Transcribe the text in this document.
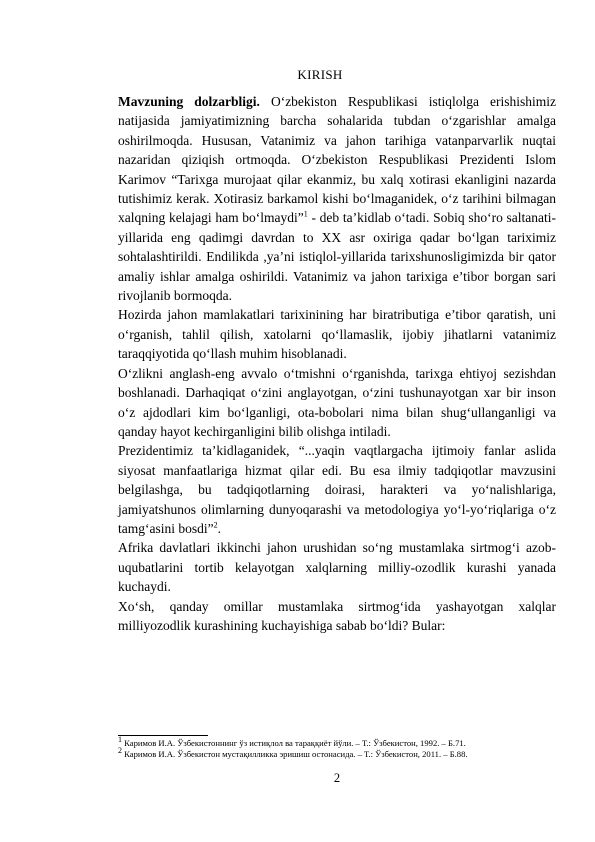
KIRISH

Mavzuning dolzarbligi. O‘zbekiston Respublikasi istiqlolga erishishimiz natijasida jamiyatimizning barcha sohalarida tubdan o‘zgarishlar amalga oshirilmoqda. Hususan, Vatanimiz va jahon tarihiga vatanparvarlik nuqtai nazaridan qiziqish ortmoqda. O‘zbekiston Respublikasi Prezidenti Islom Karimov “Tarixga murojaat qilar ekanmiz, bu xalq xotirasi ekanligini nazarda tutishimiz kerak. Xotirasiz barkamol kishi bo‘lmaganidek, o‘z tarihini bilmagan xalqning kelajagi ham bo‘lmaydi”$^1$ - deb ta’kidlab o‘tadi. Sobiq sho‘ro saltanati-yillarida eng qadimgi davrdan to XX asr oxiriga qadar bo‘lgan tariximiz sohtalashtirildi. Endilikda ,ya’ni istiqlol-yillarida tarixshunosligimizda bir qator amaliy ishlar amalga oshirildi. Vatanimiz va jahon tarixiga e’tibor borgan sari rivojlanib bormoqda.

Hozirda jahon mamlakatlari tarixinining har biratributiga e’tibor qaratish, uni o‘rganish, tahlil qilish, xatolarni qo‘llamaslik, ijobiy jihatlarni vatanimiz taraqqiyotida qo‘llash muhim hisoblanadi.

O‘zlikni anglash-eng avvalo o‘tmishni o‘rganishda, tarixga ehtiyoj sezishdan boshlanadi. Darhaqiqat o‘zini anglayotgan, o‘zini tushunayotgan xar bir inson o‘z ajdodlari kim bo‘lganligi, ota-bobolari nima bilan shug‘ullanganligi va qanday hayot kechirganligini bilib olishga intiladi.

Prezidentimiz ta’kidlaganidek, “...yaqin vaqtlargacha ijtimoiy fanlar aslida siyosat manfaatlariga hizmat qilar edi. Bu esa ilmiy tadqiqotlar mavzusini belgilashga, bu tadqiqotlarning doirasi, harakteri va yo‘nalishlariga, jamiyatshunos olimlarning dunyoqarashi va metodologiya yo‘l-yo‘riqlariga o‘z tamg‘asini bosdi”$^2$.

Afrika davlatlari ikkinchi jahon urushidan so‘ng mustamlaka sirtmog‘i azob-uqubatlarini tortib kelayotgan xalqlarning milliy-ozodlik kurashi yanada kuchaydi.

Xo‘sh, qanday omillar mustamlaka sirtmog‘ida yashayotgan xalqlar milliyozodlik kurashining kuchayishiga sabab bo‘ldi? Bular:

$^1$ Каримов И.А. Ўзбекистоннинг ўз истиқлол ва тараққиёт йўли. – Т.: Ўзбекистон, 1992. – Б.71.
$^2$ Каримов И.А. Ўзбекистон мустақилликка эришиш остонасида. – Т.: Ўзбекистон, 2011. – Б.88.
2
